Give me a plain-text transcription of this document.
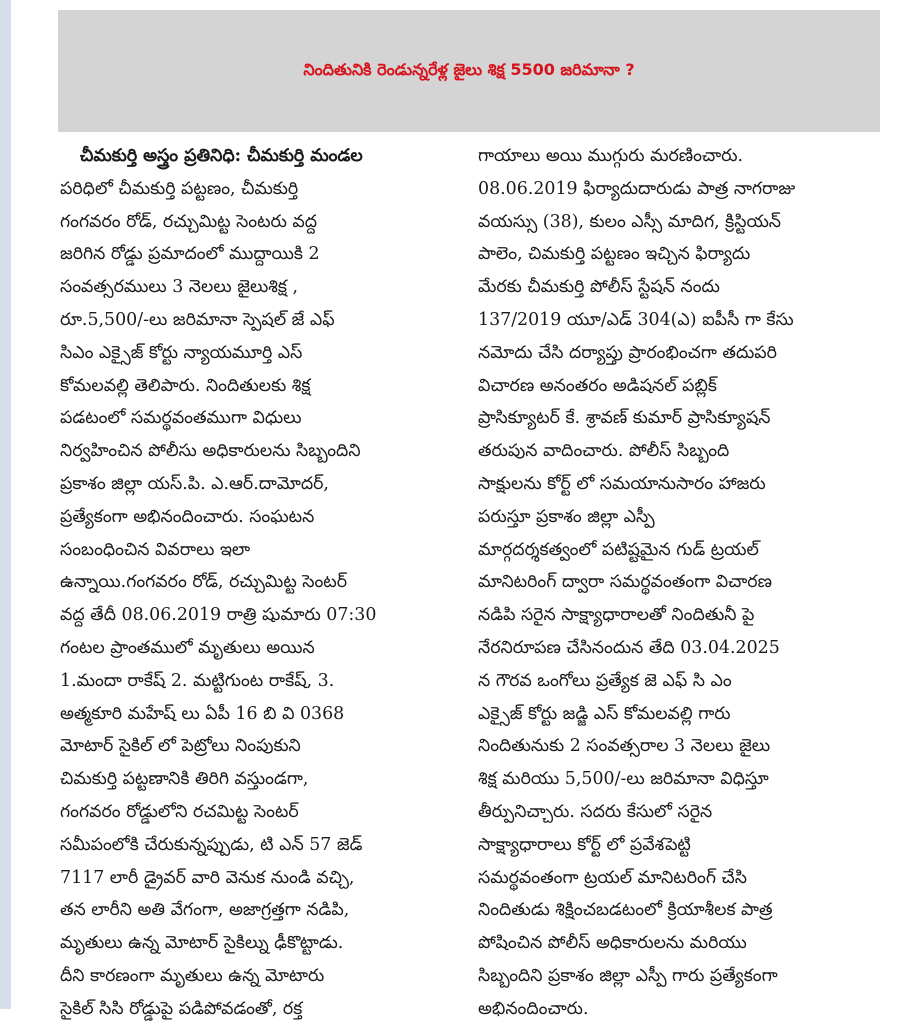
నిందితునికి రెండున్నరేళ్ల జైలు శిక్ష 5500 జరిమానా ?
చీమకుర్తి అస్త్రం ప్రతినిధి: చీమకుర్తి మండల
పరిధిలో చీమకుర్తి పట్టణం, చీమకుర్తి
గంగవరం రోడ్, రచ్చుమిట్ట సెంటరు వద్ద
జరిగిన రోడ్డు ప్రమాదంలో ముద్దాయికి 2
సంవత్సరములు 3 నెలలు జైలుశిక్ష ,
రూ.5,500/-లు జరిమానా స్పెషల్ జే ఎఫ్
సిఎం ఎక్సైజ్ కోర్టు న్యాయమూర్తి ఎస్
కోమలవల్లి తెలిపారు. నిందితులకు శిక్ష
పడటంలో సమర్థవంతముగా విధులు
నిర్వహించిన పోలీసు అధికారులను సిబ్బందిని
ప్రకాశం జిల్లా యస్.పి. ఎ.ఆర్.దామోదర్,
ప్రత్యేకంగా అభినందించారు. సంఘటన
సంబంధించిన వివరాలు ఇలా
ఉన్నాయి.గంగవరం రోడ్, రచ్చుమిట్ట సెంటర్
వద్ద తేదీ 08.06.2019 రాత్రి షుమారు 07:30
గంటల ప్రాంతములో మృతులు అయిన
1.మందా రాకేష్ 2. మట్టిగుంట రాకేష్, 3.
అత్మకూరి మహేష్ లు ఏపీ 16 బి వి 0368
మోటార్ సైకిల్ లో పెట్రోలు నింపుకుని
చిమకుర్తి పట్టణానికి తిరిగి వస్తుండగా,
గంగవరం రోడ్డులోని రచమిట్ట సెంటర్
సమీపంలోకి చేరుకున్నప్పుడు, టి ఎన్ 57 జెడ్
7117 లారీ డ్రైవర్ వారి వెనుక నుండి వచ్చి,
తన లారీని అతి వేగంగా, అజాగ్రత్తగా నడిపి,
మృతులు ఉన్న మోటార్ సైకిల్ను ఢీకొట్టాడు.
దీని కారణంగా మృతులు ఉన్న మోటారు
సైకిల్ సిసి రోడ్డుపై పడిపోవడంతో, రక్త
గాయాలు అయి ముగ్గురు మరణించారు.
08.06.2019 ఫిర్యాదుదారుడు పాత్ర నాగరాజు
వయస్సు (38), కులం ఎస్సీ మాదిగ, క్రిస్టియన్
పాలెం, చిమకుర్తి పట్టణం ఇచ్చిన ఫిర్యాదు
మేరకు చీమకుర్తి పోలీస్ స్టేషన్ నందు
137/2019 యూ/ఎడ్ 304(ఎ) ఐపీసీ గా కేసు
నమోదు చేసి దర్యాప్తు ప్రారంభించగా తదుపరి
విచారణ అనంతరం అడిషనల్ పబ్లిక్
ప్రాసిక్యూటర్ కే. శ్రావణ్ కుమార్ ప్రాసిక్యూషన్
తరుపున వాదించారు. పోలీస్ సిబ్బంది
సాక్షులను కోర్ట్ లో సమయానుసారం హాజరు
పరుస్తూ ప్రకాశం జిల్లా ఎస్పీ
మార్గదర్శకత్వంలో పటిష్టమైన గుడ్ ట్రయల్
మానిటరింగ్ ద్వారా సమర్థవంతంగా విచారణ
నడిపి సరైన సాక్ష్యాధారాలతో నిందితునీ పై
నేరనిరూపణ చేసినందున తేది 03.04.2025
న గౌరవ ఒంగోలు ప్రత్యేక జె ఎఫ్ సి ఎం
ఎక్సైజ్ కోర్టు జడ్జి ఎస్ కోమలవల్లి గారు
నిందితునుకు 2 సంవత్సరాల 3 నెలలు జైలు
శిక్ష మరియు 5,500/-లు జరిమానా విధిస్తూ
తీర్పునిచ్చారు. సదరు కేసులో సరైన
సాక్ష్యాధారాలు కోర్ట్ లో ప్రవేశపెట్టి
సమర్థవంతంగా ట్రయల్ మానిటరింగ్ చేసి
నిందితుడు శిక్షించబడటంలో క్రియాశీలక పాత్ర
పోషించిన పోలీస్ అధికారులను మరియు
సిబ్బందిని ప్రకాశం జిల్లా ఎస్పీ గారు ప్రత్యేకంగా
అభినందించారు.
